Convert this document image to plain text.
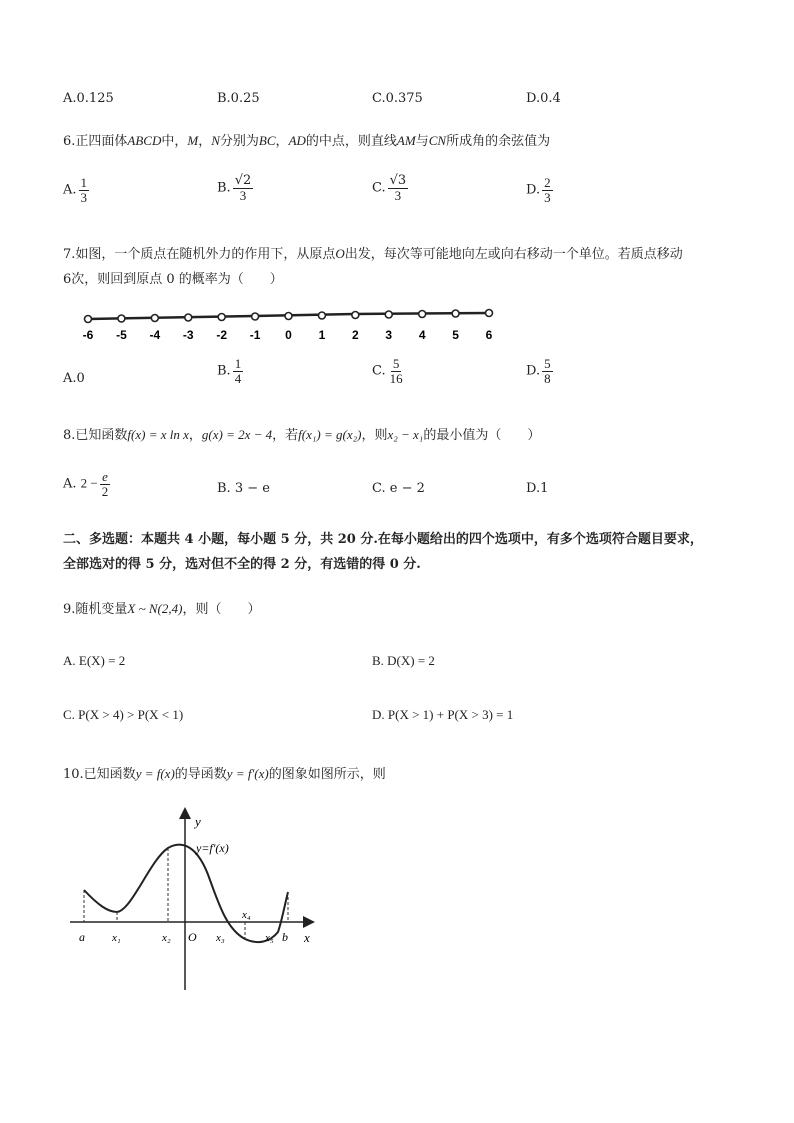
A.0.125	B.0.25	C.0.375	D.0.4
6.正四面体ABCD中，M，N分别为BC，AD的中点，则直线AM与CN所成角的余弦值为
A. $\frac{1}{3}$	B. $\frac{√2}{3}$	C. $\frac{√3}{3}$	D. $\frac{2}{3}$
7.如图，一个质点在随机外力的作用下，从原点O出发，每次等可能地向左或向右移动一个单位。若质点移动
6次，则回到原点 0 的概率为（　　）
-6 -5 -4 -3 -2 -1 0 1 2 3 4 5 6
A.0	B. $\frac{1}{4}$	C. $\frac{5}{16}$	D. $\frac{5}{8}$
8.已知函数f(x) = x ln x，g(x) = 2x − 4，若f(x₁) = g(x₂)，则x₂ − x₁的最小值为（　　）
A. $2 - \frac{e}{2}$	B. 3 − e	C. e − 2	D.1
二、多选题：本题共 4 小题，每小题 5 分，共 20 分.在每小题给出的四个选项中，有多个选项符合题目要求，
全部选对的得 5 分，选对但不全的得 2 分，有选错的得 0 分.
9.随机变量X ~ N(2,4)，则（　　）
A. E(X) = 2	B. D(X) = 2
C. P(X > 4) > P(X < 1)	D. P(X > 1) + P(X > 3) = 1
10.已知函数y = f(x)的导函数y = f′(x)的图象如图所示，则
y
x
y=f′(x)
O
a x₁	x₂	x₃
x₄
x₅ b
